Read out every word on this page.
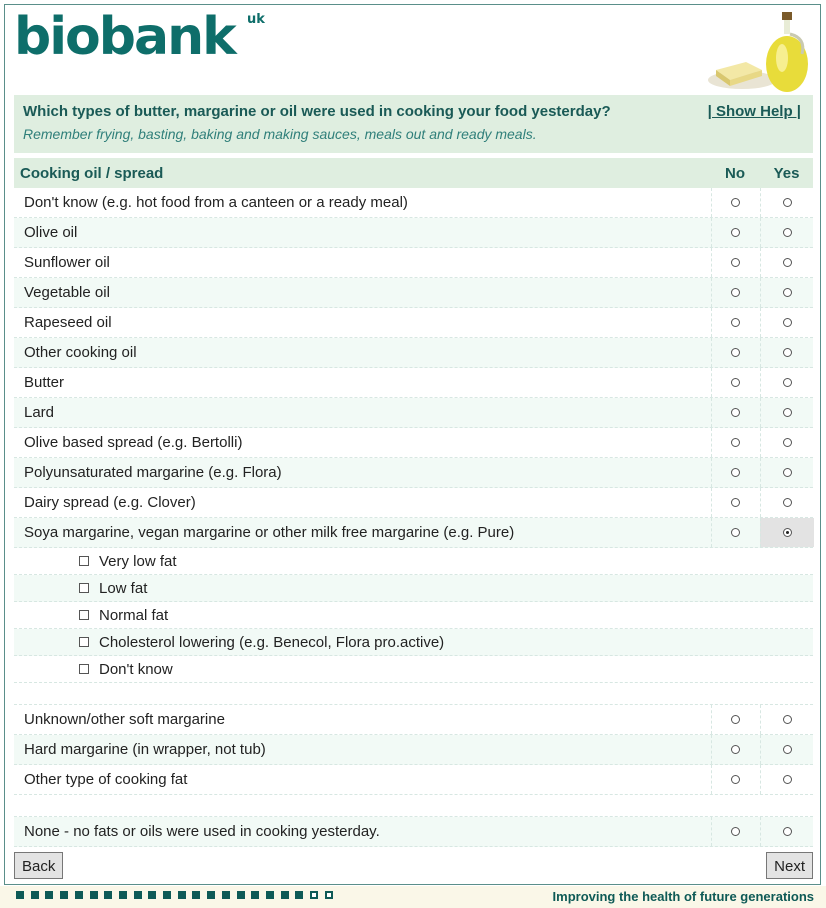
biobank uk
Which types of butter, margarine or oil were used in cooking your food yesterday?
Remember frying, basting, baking and making sauces, meals out and ready meals.
| Show Help |
Cooking oil / spread	No	Yes
Don't know (e.g. hot food from a canteen or a ready meal)
Olive oil
Sunflower oil
Vegetable oil
Rapeseed oil
Other cooking oil
Butter
Lard
Olive based spread (e.g. Bertolli)
Polyunsaturated margarine (e.g. Flora)
Dairy spread (e.g. Clover)
Soya margarine, vegan margarine or other milk free margarine (e.g. Pure)
Very low fat
Low fat
Normal fat
Cholesterol lowering (e.g. Benecol, Flora pro.active)
Don't know
Unknown/other soft margarine
Hard margarine (in wrapper, not tub)
Other type of cooking fat
None - no fats or oils were used in cooking yesterday.
Back	Next
Improving the health of future generations
